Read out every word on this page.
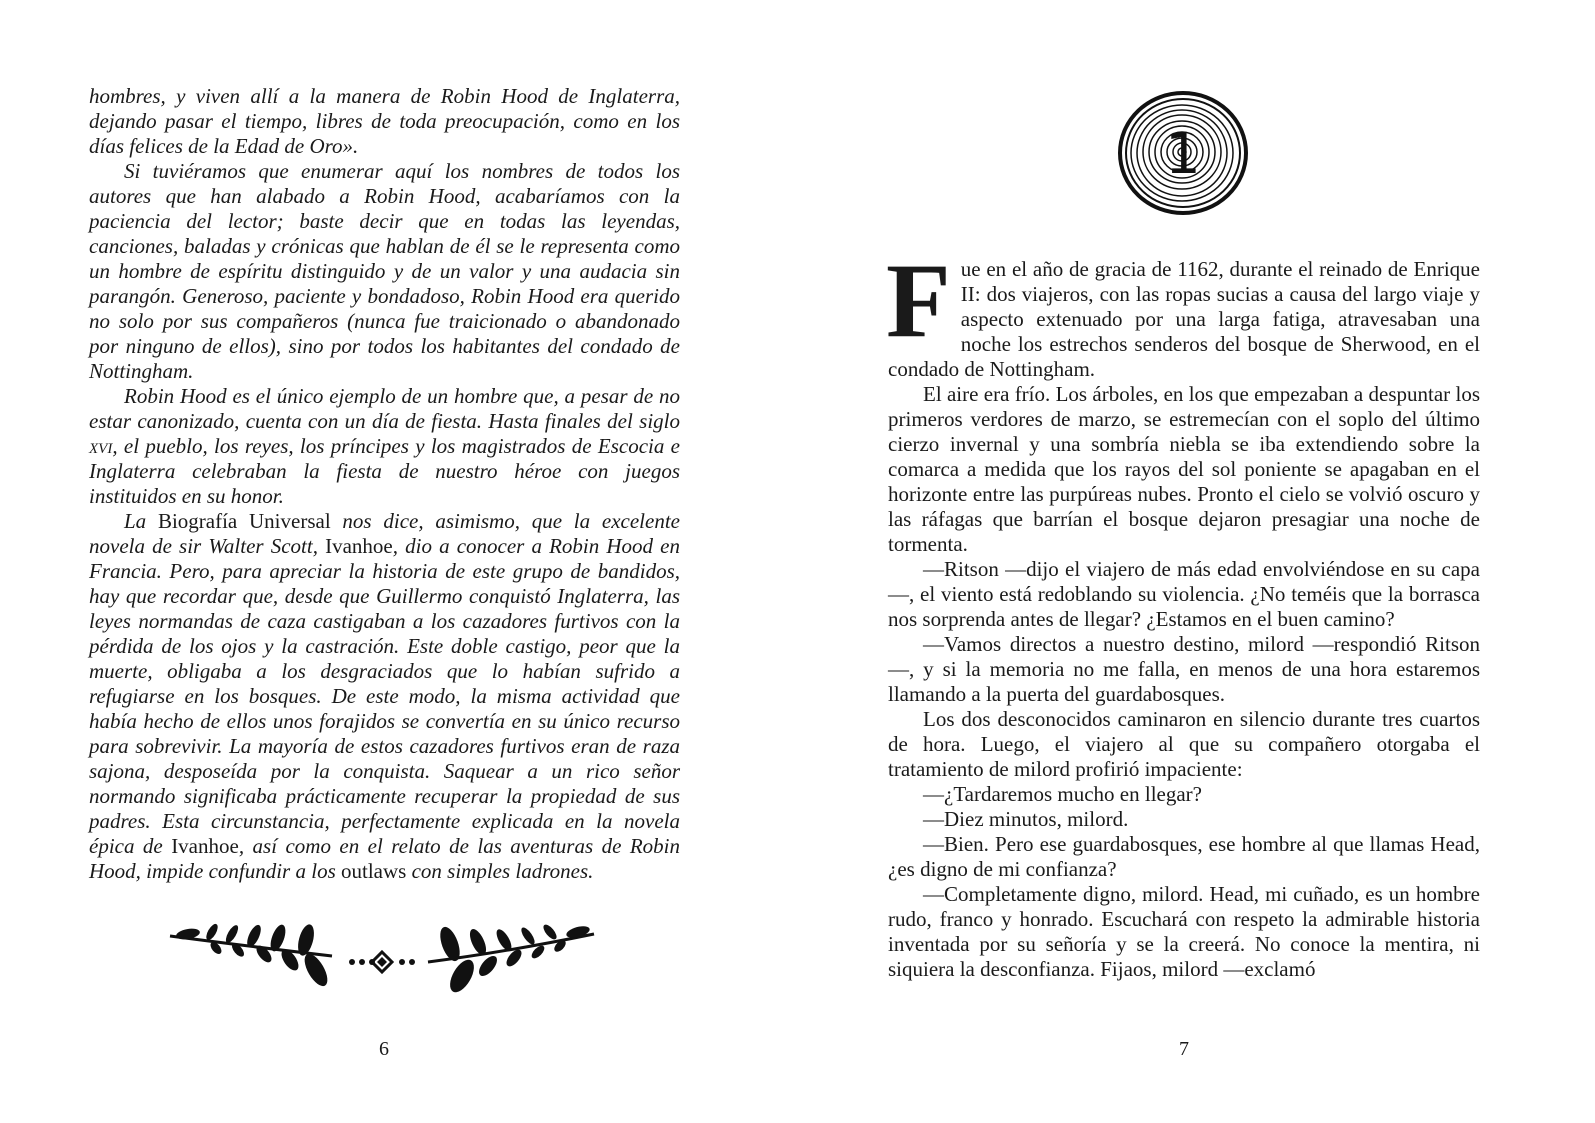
hombres, y viven allí a la manera de Robin Hood de Inglaterra, dejando pasar el tiempo, libres de toda preocupación, como en los días felices de la Edad de Oro».

Si tuviéramos que enumerar aquí los nombres de todos los autores que han alabado a Robin Hood, acabaríamos con la paciencia del lector; baste decir que en todas las leyendas, canciones, baladas y crónicas que hablan de él se le representa como un hombre de espíritu distinguido y de un valor y una audacia sin parangón. Generoso, paciente y bondadoso, Robin Hood era querido no solo por sus compañeros (nunca fue traicionado o abandonado por ninguno de ellos), sino por todos los habitantes del condado de Nottingham.

Robin Hood es el único ejemplo de un hombre que, a pesar de no estar canonizado, cuenta con un día de fiesta. Hasta finales del siglo xvi, el pueblo, los reyes, los príncipes y los magistrados de Escocia e Inglaterra celebraban la fiesta de nuestro héroe con juegos instituidos en su honor.

La Biografía Universal nos dice, asimismo, que la excelente novela de sir Walter Scott, Ivanhoe, dio a conocer a Robin Hood en Francia. Pero, para apreciar la historia de este grupo de bandidos, hay que recordar que, desde que Guillermo conquistó Inglaterra, las leyes normandas de caza castigaban a los cazadores furtivos con la pérdida de los ojos y la castración. Este doble castigo, peor que la muerte, obligaba a los desgraciados que lo habían sufrido a refugiarse en los bosques. De este modo, la misma actividad que había hecho de ellos unos forajidos se convertía en su único recurso para sobrevivir. La mayoría de estos cazadores furtivos eran de raza sajona, desposeída por la conquista. Saquear a un rico señor normando significaba prácticamente recuperar la propiedad de sus padres. Esta circunstancia, perfectamente explicada en la novela épica de Ivanhoe, así como en el relato de las aventuras de Robin Hood, impide confundir a los outlaws con simples ladrones.

6
1

Fue en el año de gracia de 1162, durante el reinado de Enrique II: dos viajeros, con las ropas sucias a causa del largo viaje y aspecto extenuado por una larga fatiga, atravesaban una noche los estrechos senderos del bosque de Sherwood, en el condado de Nottingham.

El aire era frío. Los árboles, en los que empezaban a despuntar los primeros verdores de marzo, se estremecían con el soplo del último cierzo invernal y una sombría niebla se iba extendiendo sobre la comarca a medida que los rayos del sol poniente se apagaban en el horizonte entre las purpúreas nubes. Pronto el cielo se volvió oscuro y las ráfagas que barrían el bosque dejaron presagiar una noche de tormenta.

—Ritson —dijo el viajero de más edad envolviéndose en su capa—, el viento está redoblando su violencia. ¿No teméis que la borrasca nos sorprenda antes de llegar? ¿Estamos en el buen camino?

—Vamos directos a nuestro destino, milord —respondió Ritson—, y si la memoria no me falla, en menos de una hora estaremos llamando a la puerta del guardabosques.

Los dos desconocidos caminaron en silencio durante tres cuartos de hora. Luego, el viajero al que su compañero otorgaba el tratamiento de milord profirió impaciente:

—¿Tardaremos mucho en llegar?

—Diez minutos, milord.

—Bien. Pero ese guardabosques, ese hombre al que llamas Head, ¿es digno de mi confianza?

—Completamente digno, milord. Head, mi cuñado, es un hombre rudo, franco y honrado. Escuchará con respeto la admirable historia inventada por su señoría y se la creerá. No conoce la mentira, ni siquiera la desconfianza. Fijaos, milord —exclamó

7
